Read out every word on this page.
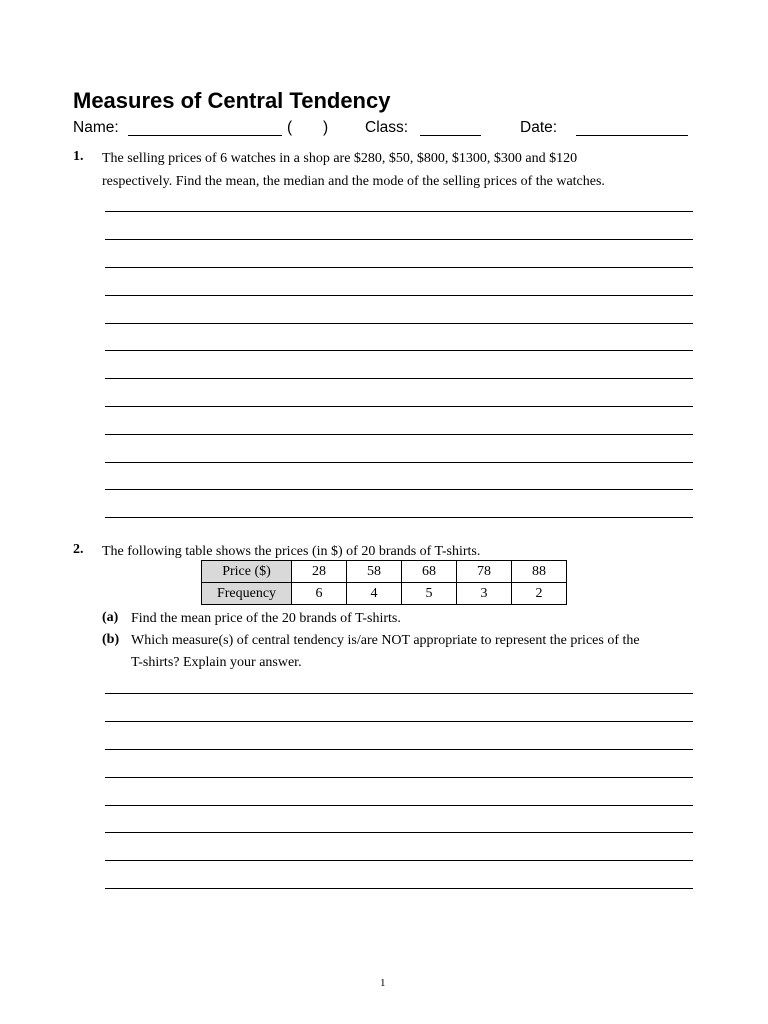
Measures of Central Tendency
Name:	( ) Class:	Date:
1. The selling prices of 6 watches in a shop are $280, $50, $800, $1300, $300 and $120
respectively. Find the mean, the median and the mode of the selling prices of the watches.
2. The following table shows the prices (in $) of 20 brands of T-shirts.
Price ($)	28	58	68	78	88
Frequency	6	4	5	3	2
(a) Find the mean price of the 20 brands of T-shirts.
(b) Which measure(s) of central tendency is/are NOT appropriate to represent the prices of the
T-shirts? Explain your answer.
1
